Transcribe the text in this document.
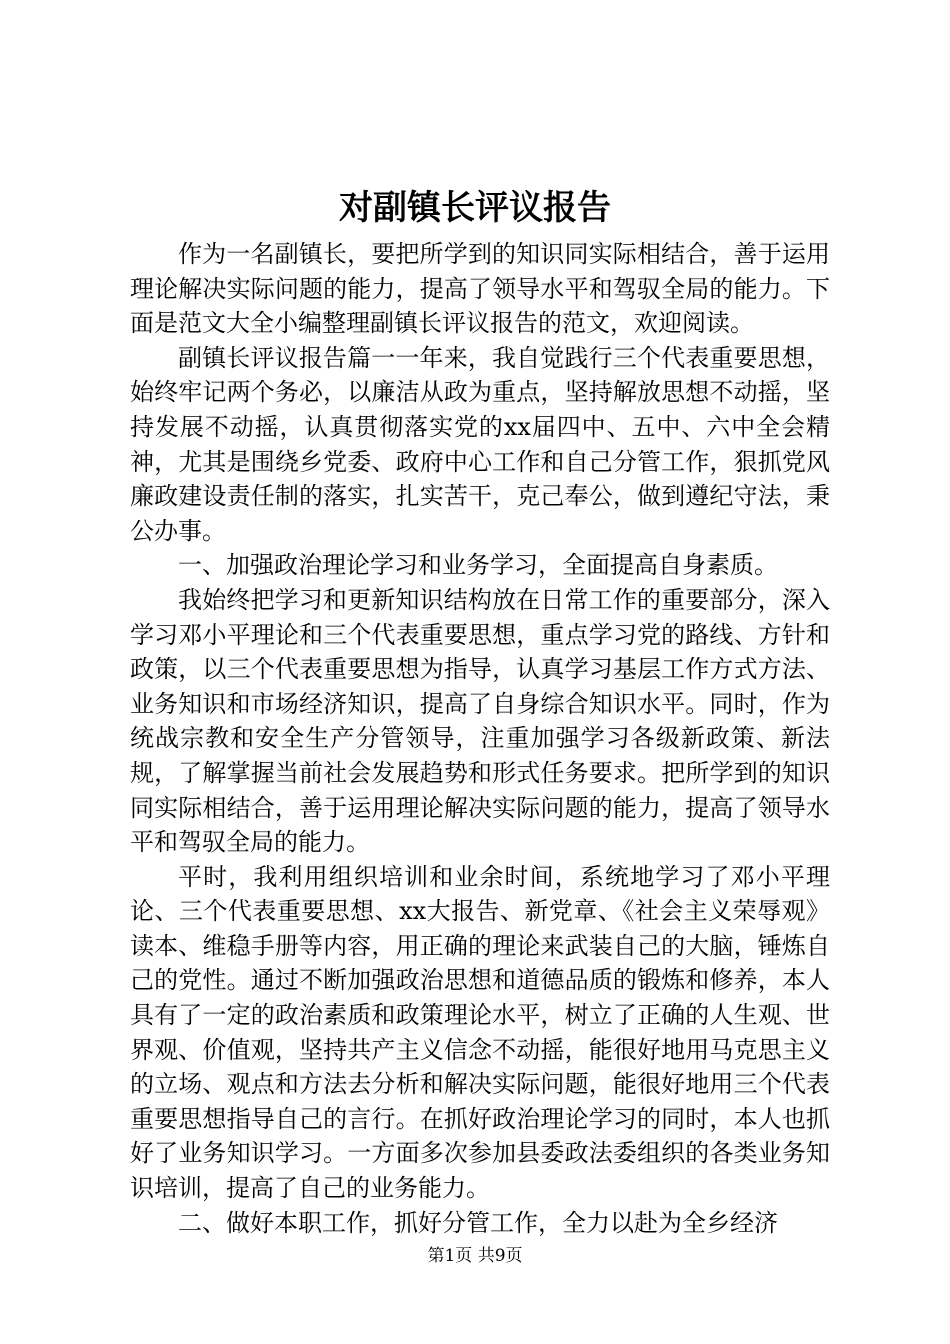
对副镇长评议报告

作为一名副镇长，要把所学到的知识同实际相结合，善于运用理论解决实际问题的能力，提高了领导水平和驾驭全局的能力。下面是范文大全小编整理副镇长评议报告的范文，欢迎阅读。

副镇长评议报告篇一一年来，我自觉践行三个代表重要思想，始终牢记两个务必，以廉洁从政为重点，坚持解放思想不动摇，坚持发展不动摇，认真贯彻落实党的xx届四中、五中、六中全会精神，尤其是围绕乡党委、政府中心工作和自己分管工作，狠抓党风廉政建设责任制的落实，扎实苦干，克己奉公，做到遵纪守法，秉公办事。

一、加强政治理论学习和业务学习，全面提高自身素质。

我始终把学习和更新知识结构放在日常工作的重要部分，深入学习邓小平理论和三个代表重要思想，重点学习党的路线、方针和政策，以三个代表重要思想为指导，认真学习基层工作方式方法、业务知识和市场经济知识，提高了自身综合知识水平。同时，作为统战宗教和安全生产分管领导，注重加强学习各级新政策、新法规，了解掌握当前社会发展趋势和形式任务要求。把所学到的知识同实际相结合，善于运用理论解决实际问题的能力，提高了领导水平和驾驭全局的能力。

平时，我利用组织培训和业余时间，系统地学习了邓小平理论、三个代表重要思想、xx大报告、新党章、《社会主义荣辱观》读本、维稳手册等内容，用正确的理论来武装自己的大脑，锤炼自己的党性。通过不断加强政治思想和道德品质的锻炼和修养，本人具有了一定的政治素质和政策理论水平，树立了正确的人生观、世界观、价值观，坚持共产主义信念不动摇，能很好地用马克思主义的立场、观点和方法去分析和解决实际问题，能很好地用三个代表重要思想指导自己的言行。在抓好政治理论学习的同时，本人也抓好了业务知识学习。一方面多次参加县委政法委组织的各类业务知识培训，提高了自己的业务能力。

二、做好本职工作，抓好分管工作，全力以赴为全乡经济

第1页 共9页
